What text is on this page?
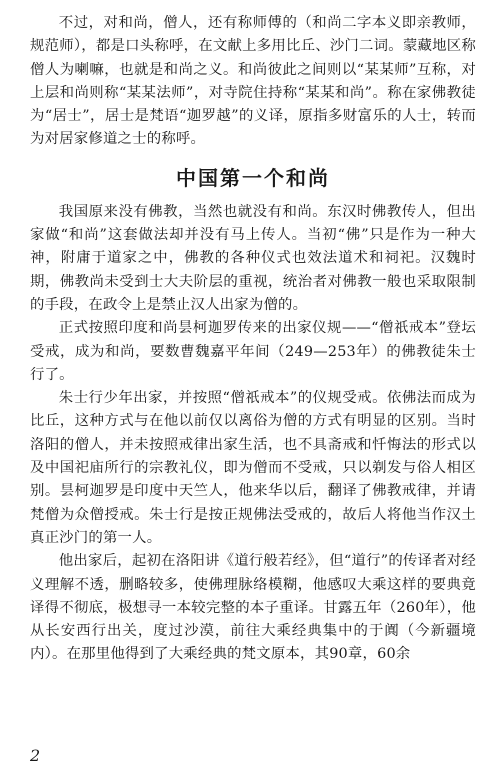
不过，对和尚，僧人，还有称师傅的（和尚二字本义即亲教师，规范师），都是口头称呼，在文献上多用比丘、沙门二词。蒙藏地区称僧人为喇嘛，也就是和尚之义。和尚彼此之间则以“某某师”互称，对上层和尚则称“某某法师”，对寺院住持称“某某和尚”。称在家佛教徒为“居士”，居士是梵语“迦罗越”的义译，原指多财富乐的人士，转而为对居家修道之士的称呼。

中国第一个和尚

我国原来没有佛教，当然也就没有和尚。东汉时佛教传人，但出家做“和尚”这套做法却并没有马上传人。当初“佛”只是作为一种大神，附庸于道家之中，佛教的各种仪式也效法道术和祠祀。汉魏时期，佛教尚未受到士大夫阶层的重视，统治者对佛教一般也采取限制的手段，在政令上是禁止汉人出家为僧的。

正式按照印度和尚昙柯迦罗传来的出家仪规——“僧祇戒本”登坛受戒，成为和尚，要数曹魏嘉平年间（249—253年）的佛教徒朱士行了。

朱士行少年出家，并按照“僧祇戒本”的仪规受戒。依佛法而成为比丘，这种方式与在他以前仅以离俗为僧的方式有明显的区别。当时洛阳的僧人，并未按照戒律出家生活，也不具斋戒和忏悔法的形式以及中国祀庙所行的宗教礼仪，即为僧而不受戒，只以剃发与俗人相区别。昙柯迦罗是印度中天竺人，他来华以后，翻译了佛教戒律，并请梵僧为众僧授戒。朱士行是按正规佛法受戒的，故后人将他当作汉土真正沙门的第一人。

他出家后，起初在洛阳讲《道行般若经》，但“道行”的传译者对经义理解不透，删略较多，使佛理脉络模糊，他感叹大乘这样的要典竟译得不彻底，极想寻一本较完整的本子重译。甘露五年（260年），他从长安西行出关，度过沙漠，前往大乘经典集中的于阗（今新疆境内）。在那里他得到了大乘经典的梵文原本，其90章，60余

2
